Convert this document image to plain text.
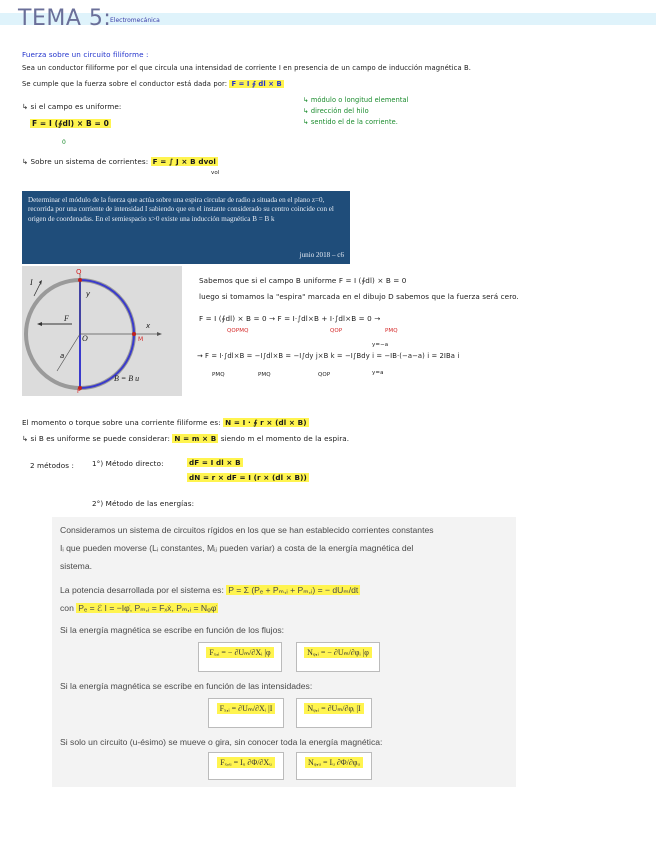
TEMA 5:
Electromecánica
Fuerza sobre un circuito filiforme :
Sea un conductor filiforme por el que circula una intensidad de corriente I en presencia de un campo de inducción magnética B.
Se cumple que la fuerza sobre el conductor está dada por: F = I ∮ dl × B
↳ módulo o longitud elemental
↳ dirección del hilo
↳ sentido el de la corriente.
↳ si el campo es uniforme:
F = I (∮dl) × B = 0
0
↳ Sobre un sistema de corrientes: F = ∫ J × B dvol
vol
Determinar el módulo de la fuerza que actúa sobre una espira circular de radio a situada en el plano z=0, recorrida por una corriente de intensidad I sabiendo que en el instante considerado su centro coincide con el origen de coordenadas. En el semiespacio x>0 existe una inducción magnética B = B k
junio 2018 – c6
I
Q
y
F
O	M
x
a
P
B = B u
Sabemos que si el campo B uniforme F = I (∮dl) × B = 0
luego si tomamos la "espira" marcada en el dibujo D sabemos que la fuerza será cero.
F = I (∮dl) × B = 0 → F = I·∫dl×B + I·∫dl×B = 0 →
QOPMQ	QOP	PMQ
→ F = I·∫dl×B = −I∫dl×B = −I∫dy j×B k = −I∫Bdy i = −IB·(−a−a) i = 2IBa i
PMQ	PMQ	QOP
y=−a
y=a
El momento o torque sobre una corriente filiforme es: N = I · ∮ r × (dl × B)
↳ si B es uniforme se puede considerar: N = m × B siendo m el momento de la espira.
2 métodos : 1°) Método directo:	dF = I dl × B
dN = r × dF = I (r × (dl × B))
2°) Método de las energías:
Consideramos un sistema de circuitos rígidos en los que se han establecido corrientes constantes
Iᵢ que pueden moverse (Lᵢ constantes, Mᵢⱼ pueden variar) a costa de la energía magnética del
sistema.
La potencia desarrollada por el sistema es: P = Σ (Pₑ + Pₘ,ᵢ + Pₘ,ᵢ) = − dUₘ/dt
con Pₑ = ℰ I = −Iφ̇, Pₘ,ᵢ = Fₓẋ, Pₘ,ᵢ = Nᵩφ̇
Si la energía magnética se escribe en función de los flujos:
Fₓ,ᵢ = − ∂Uₘ/∂Xᵢ |φ	Nᵩ,ᵢ = − ∂Uₘ/∂φᵢ |φ
Si la energía magnética se escribe en función de las intensidades:
Fₓ,ᵢ = ∂Uₘ/∂Xᵢ |I	Nᵩ,ᵢ = ∂Uₘ/∂φᵢ |I
Si solo un circuito (u-ésimo) se mueve o gira, sin conocer toda la energía magnética:
Fₓ,ᵤ = Iᵤ ∂Φ/∂Xᵤ	Nᵩ,ᵤ = Iᵤ ∂Φ/∂φᵤ
